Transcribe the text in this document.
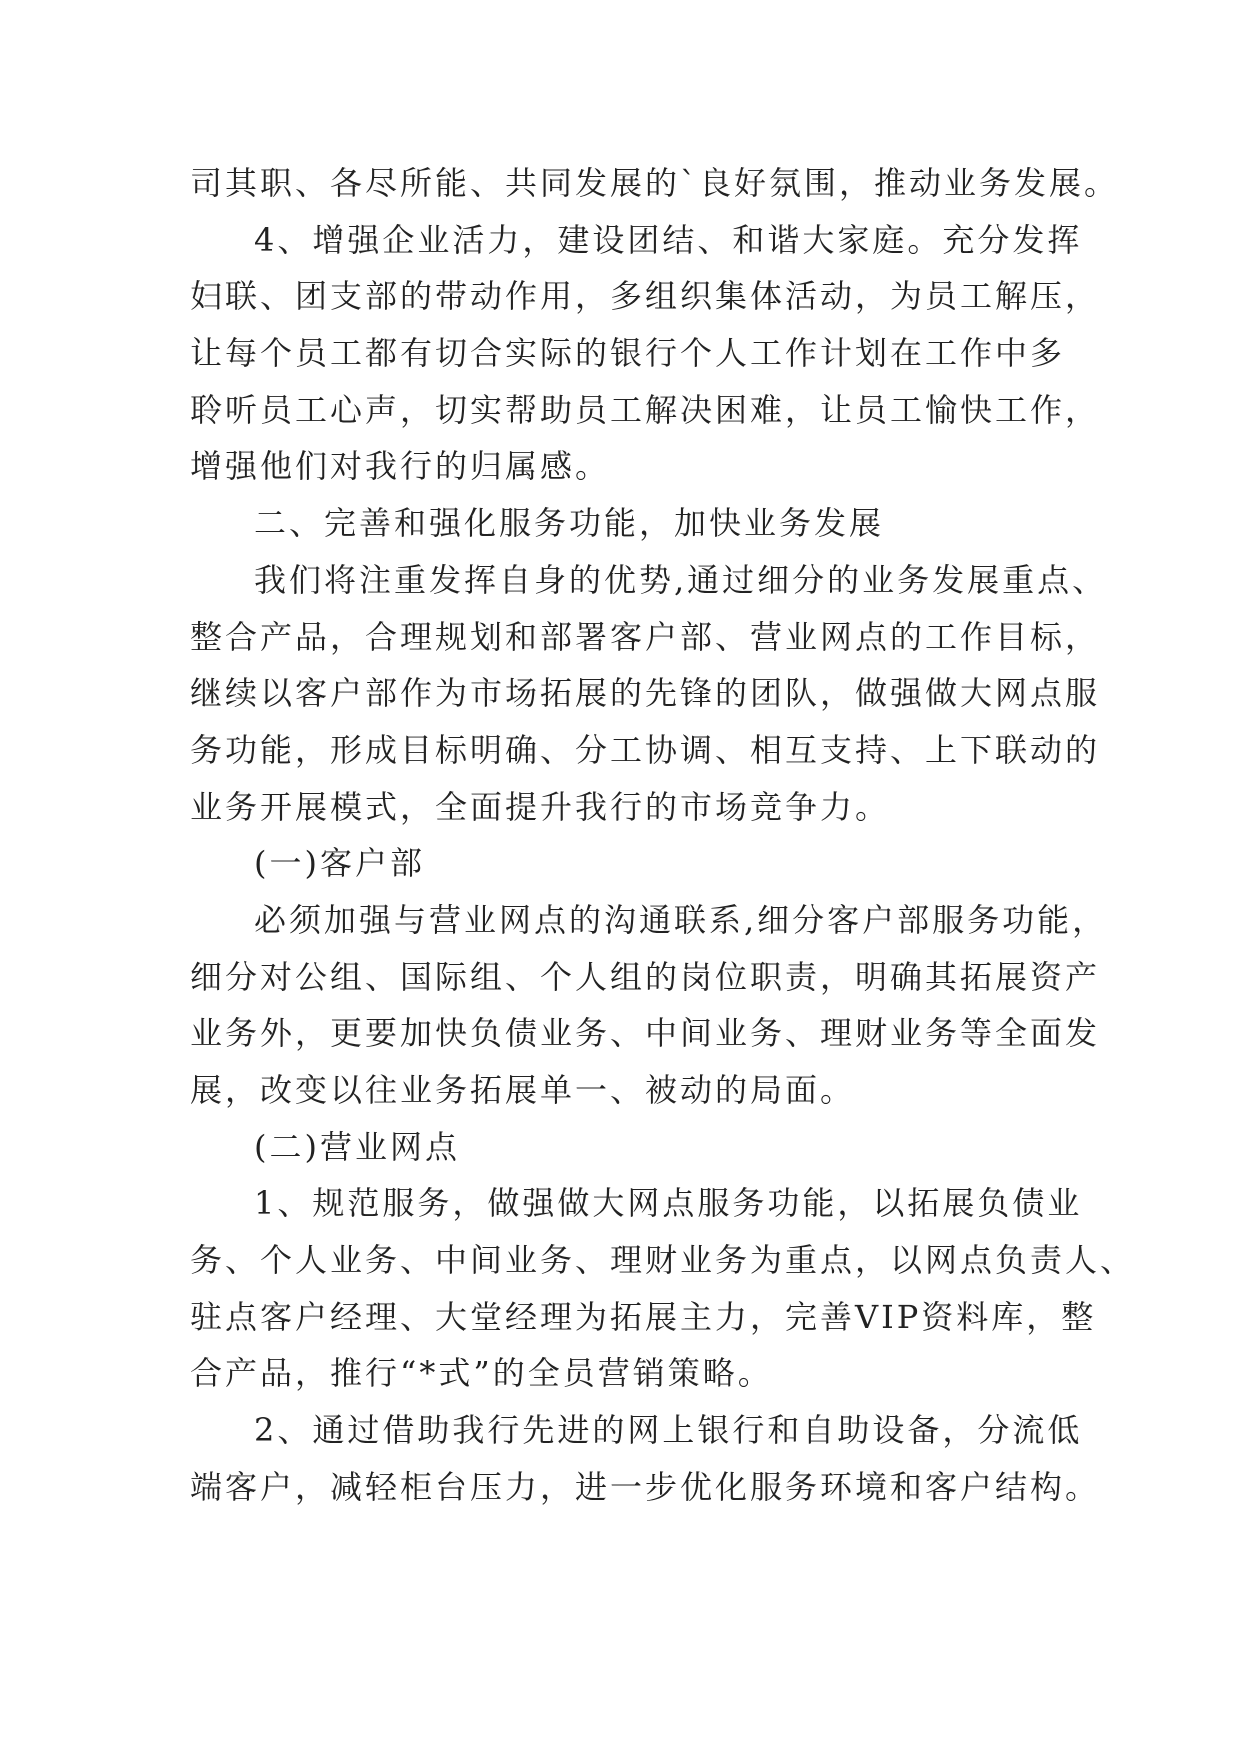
司其职、各尽所能、共同发展的`良好氛围，推动业务发展。
4、增强企业活力，建设团结、和谐大家庭。充分发挥
妇联、团支部的带动作用，多组织集体活动，为员工解压，
让每个员工都有切合实际的银行个人工作计划在工作中多
聆听员工心声，切实帮助员工解决困难，让员工愉快工作，
增强他们对我行的归属感。
二、完善和强化服务功能，加快业务发展
我们将注重发挥自身的优势,通过细分的业务发展重点、
整合产品，合理规划和部署客户部、营业网点的工作目标，
继续以客户部作为市场拓展的先锋的团队，做强做大网点服
务功能，形成目标明确、分工协调、相互支持、上下联动的
业务开展模式，全面提升我行的市场竞争力。
(一)客户部
必须加强与营业网点的沟通联系,细分客户部服务功能，
细分对公组、国际组、个人组的岗位职责，明确其拓展资产
业务外，更要加快负债业务、中间业务、理财业务等全面发
展，改变以往业务拓展单一、被动的局面。
(二)营业网点
1、规范服务，做强做大网点服务功能，以拓展负债业
务、个人业务、中间业务、理财业务为重点，以网点负责人、
驻点客户经理、大堂经理为拓展主力，完善VIP资料库，整
合产品，推行“*式”的全员营销策略。
2、通过借助我行先进的网上银行和自助设备，分流低
端客户，减轻柜台压力，进一步优化服务环境和客户结构。
